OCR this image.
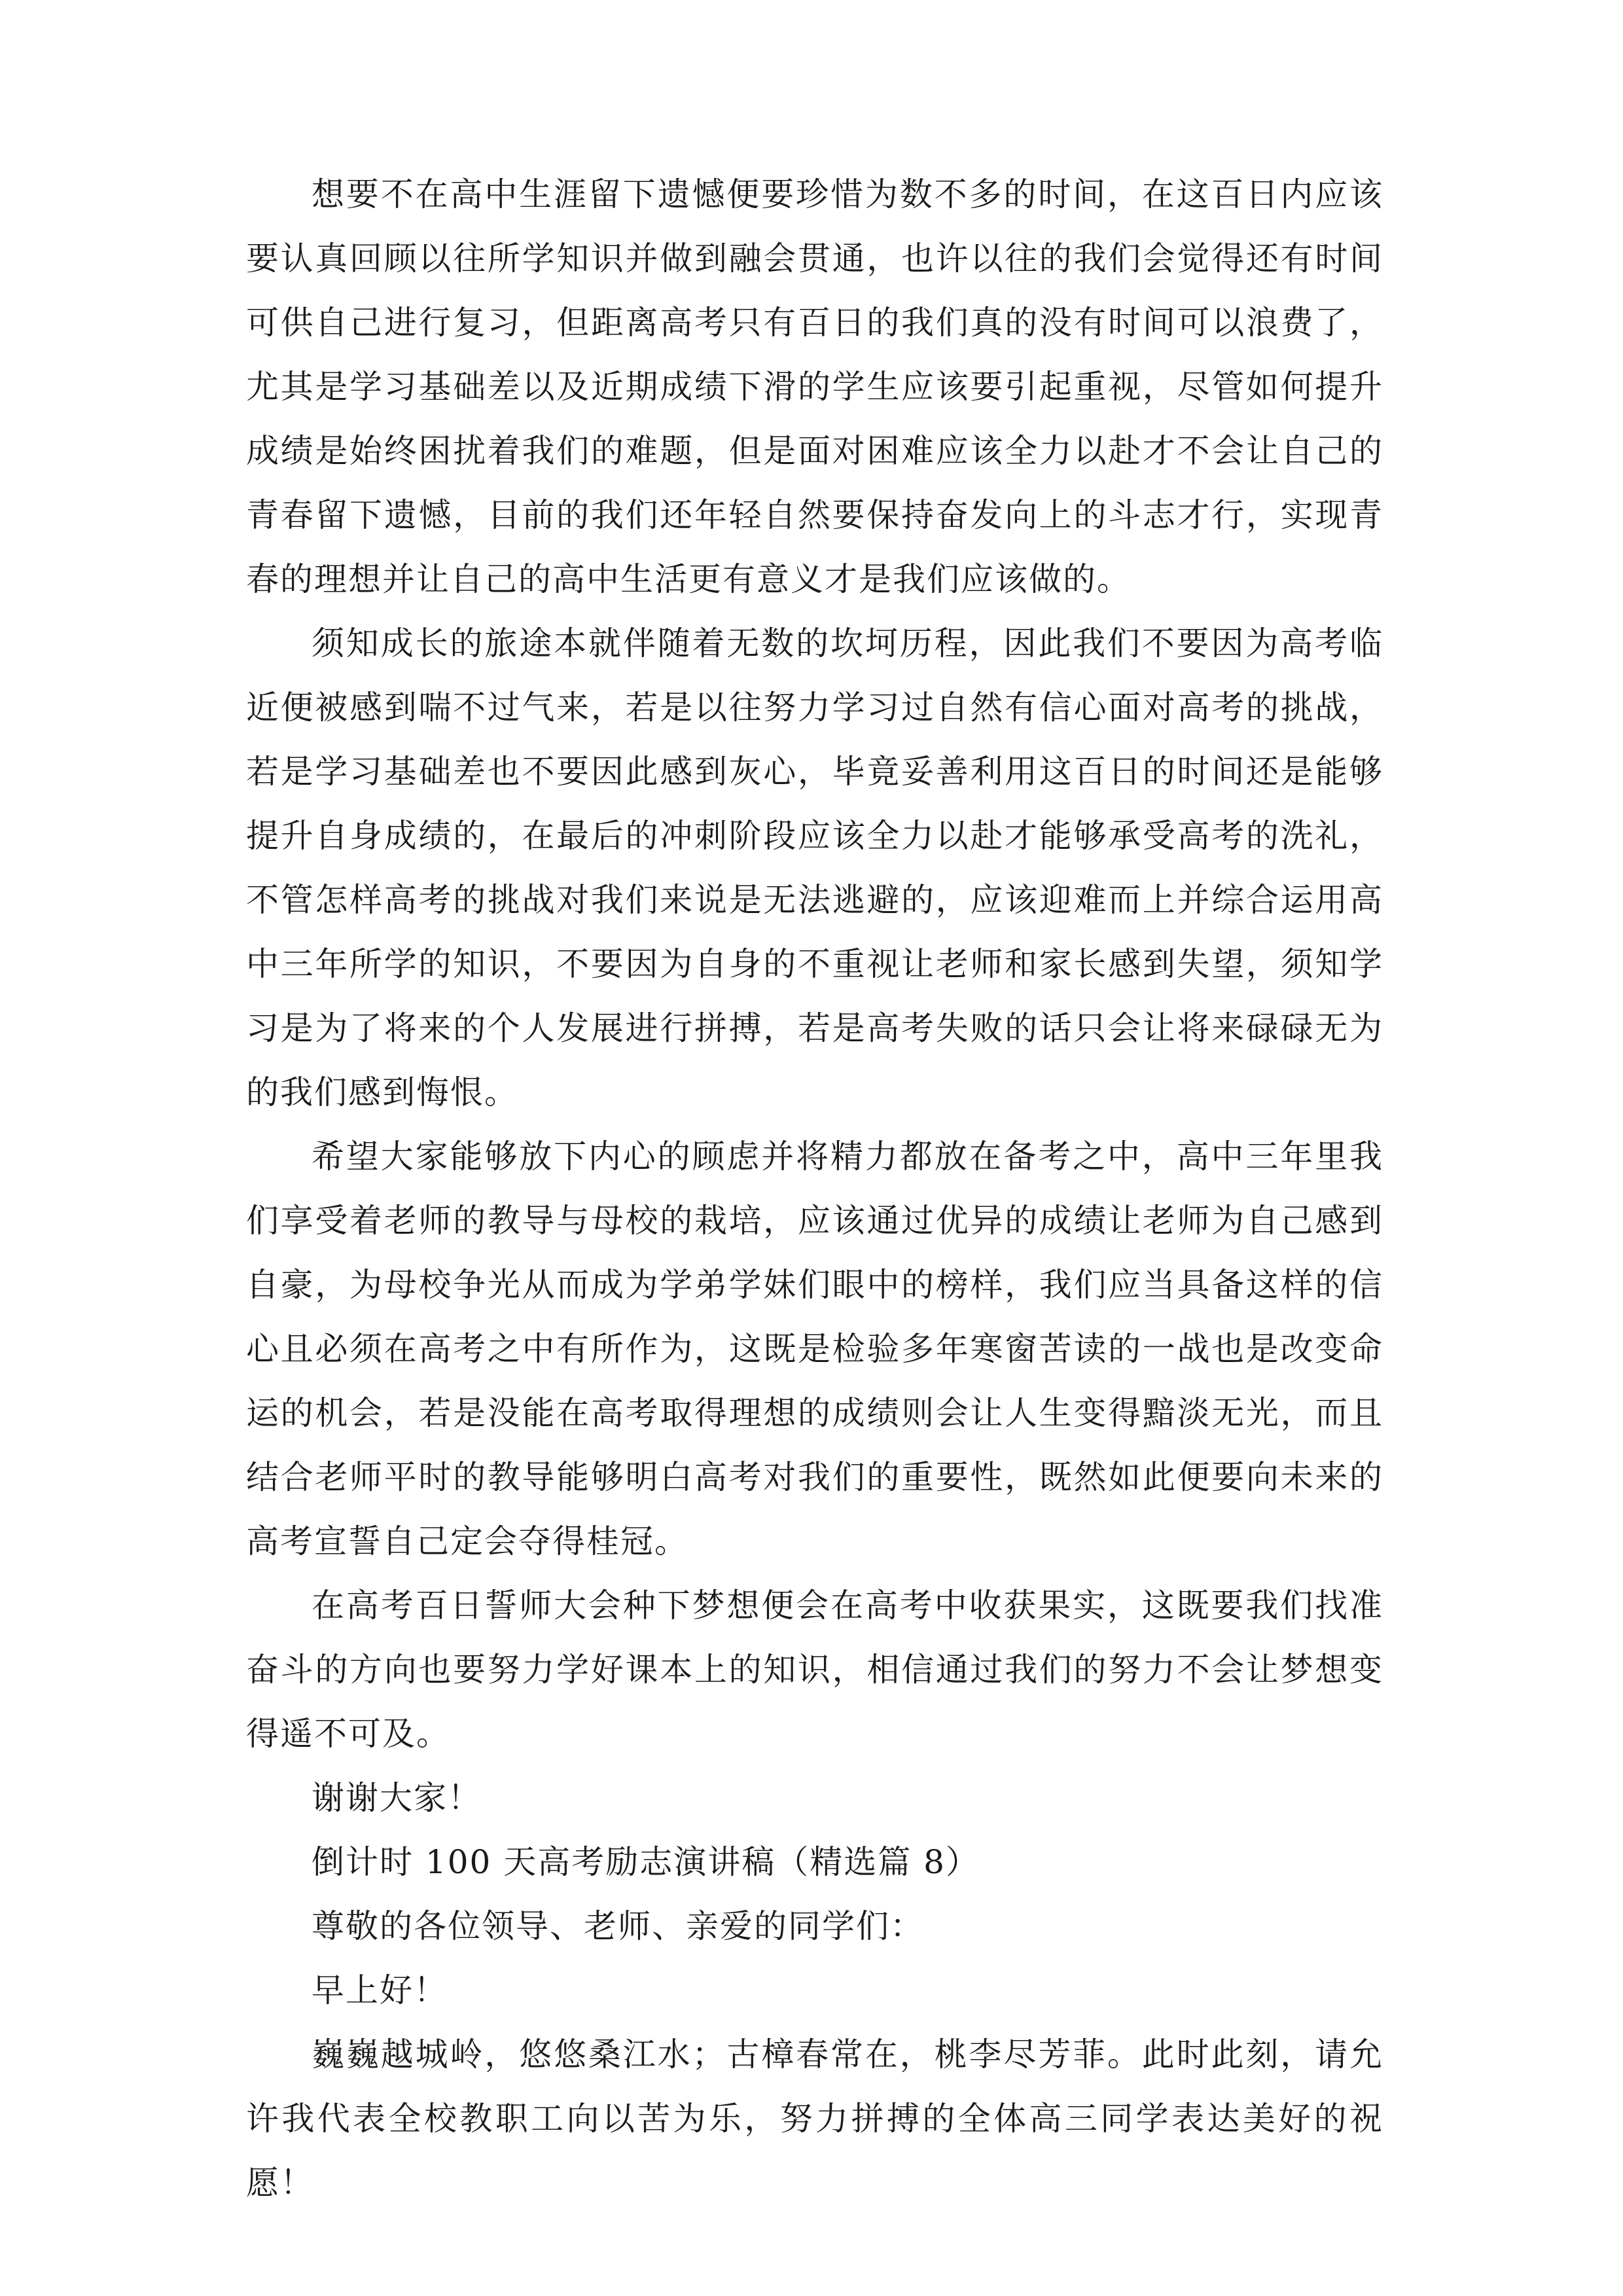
想要不在高中生涯留下遗憾便要珍惜为数不多的时间，在这百日内应该要认真回顾以往所学知识并做到融会贯通，也许以往的我们会觉得还有时间可供自己进行复习，但距离高考只有百日的我们真的没有时间可以浪费了，尤其是学习基础差以及近期成绩下滑的学生应该要引起重视，尽管如何提升成绩是始终困扰着我们的难题，但是面对困难应该全力以赴才不会让自己的青春留下遗憾，目前的我们还年轻自然要保持奋发向上的斗志才行，实现青春的理想并让自己的高中生活更有意义才是我们应该做的。

须知成长的旅途本就伴随着无数的坎坷历程，因此我们不要因为高考临近便被感到喘不过气来，若是以往努力学习过自然有信心面对高考的挑战，若是学习基础差也不要因此感到灰心，毕竟妥善利用这百日的时间还是能够提升自身成绩的，在最后的冲刺阶段应该全力以赴才能够承受高考的洗礼，不管怎样高考的挑战对我们来说是无法逃避的，应该迎难而上并综合运用高中三年所学的知识，不要因为自身的不重视让老师和家长感到失望，须知学习是为了将来的个人发展进行拼搏，若是高考失败的话只会让将来碌碌无为的我们感到悔恨。

希望大家能够放下内心的顾虑并将精力都放在备考之中，高中三年里我们享受着老师的教导与母校的栽培，应该通过优异的成绩让老师为自己感到自豪，为母校争光从而成为学弟学妹们眼中的榜样，我们应当具备这样的信心且必须在高考之中有所作为，这既是检验多年寒窗苦读的一战也是改变命运的机会，若是没能在高考取得理想的成绩则会让人生变得黯淡无光，而且结合老师平时的教导能够明白高考对我们的重要性，既然如此便要向未来的高考宣誓自己定会夺得桂冠。

在高考百日誓师大会种下梦想便会在高考中收获果实，这既要我们找准奋斗的方向也要努力学好课本上的知识，相信通过我们的努力不会让梦想变得遥不可及。

谢谢大家！

倒计时 100 天高考励志演讲稿（精选篇 8）

尊敬的各位领导、老师、亲爱的同学们：

早上好！

巍巍越城岭，悠悠桑江水；古樟春常在，桃李尽芳菲。此时此刻，请允许我代表全校教职工向以苦为乐，努力拼搏的全体高三同学表达美好的祝愿！
